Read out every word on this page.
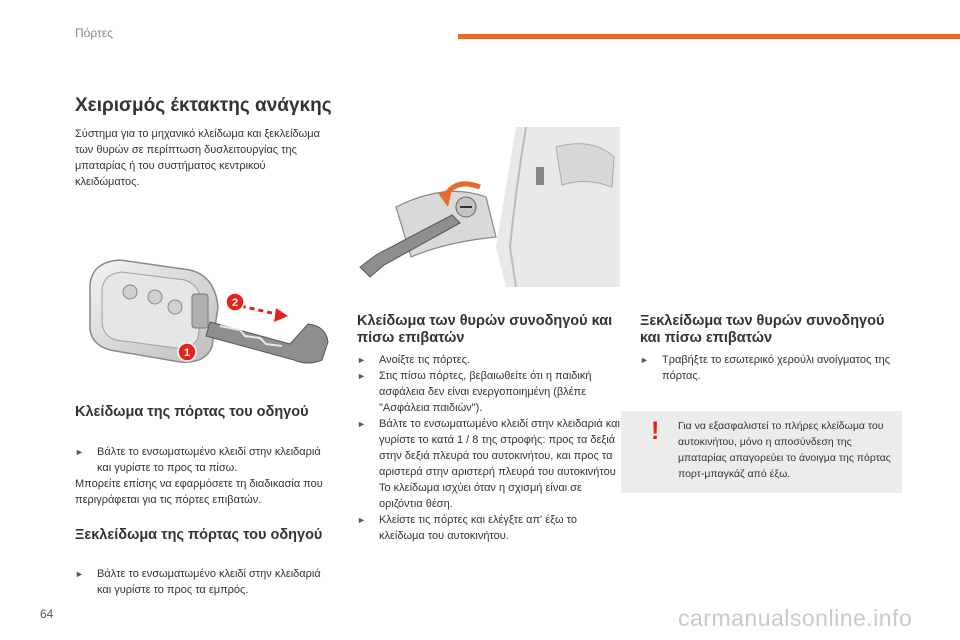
Πόρτες
Χειρισμός έκτακτης ανάγκης
Σύστημα για το μηχανικό κλείδωμα και ξεκλείδωμα των θυρών σε περίπτωση δυσλειτουργίας της μπαταρίας ή του συστήματος κεντρικού κλειδώματος.
1
2
Κλείδωμα της πόρτας του οδηγού
► Βάλτε το ενσωματωμένο κλειδί στην κλειδαριά και γυρίστε το προς τα πίσω.
Μπορείτε επίσης να εφαρμόσετε τη διαδικασία που περιγράφεται για τις πόρτες επιβατών.
Ξεκλείδωμα της πόρτας του οδηγού
► Βάλτε το ενσωματωμένο κλειδί στην κλειδαριά και γυρίστε το προς τα εμπρός.
Κλείδωμα των θυρών συνοδηγού και πίσω επιβατών
► Ανοίξτε τις πόρτες.
► Στις πίσω πόρτες, βεβαιωθείτε ότι η παιδική ασφάλεια δεν είναι ενεργοποιημένη (βλέπε "Ασφάλεια παιδιών").
► Βάλτε το ενσωματωμένο κλειδί στην κλειδαριά και γυρίστε το κατά 1 / 8 της στροφής: προς τα δεξιά στην δεξιά πλευρά του αυτοκινήτου, και προς τα αριστερά στην αριστερή πλευρά του αυτοκινήτου
Το κλείδωμα ισχύει όταν η σχισμή είναι σε οριζόντια θέση.
► Κλείστε τις πόρτες και ελέγξτε απ' έξω το κλείδωμα του αυτοκινήτου.
Ξεκλείδωμα των θυρών συνοδηγού και πίσω επιβατών
► Τραβήξτε το εσωτερικό χερούλι ανοίγματος της πόρτας.
! Για να εξασφαλιστεί το πλήρες κλείδωμα του αυτοκινήτου, μόνο η αποσύνδεση της μπαταρίας απαγορεύει το άνοιγμα της πόρτας πορτ-μπαγκάζ από έξω.
64	carmanualsonline.info
